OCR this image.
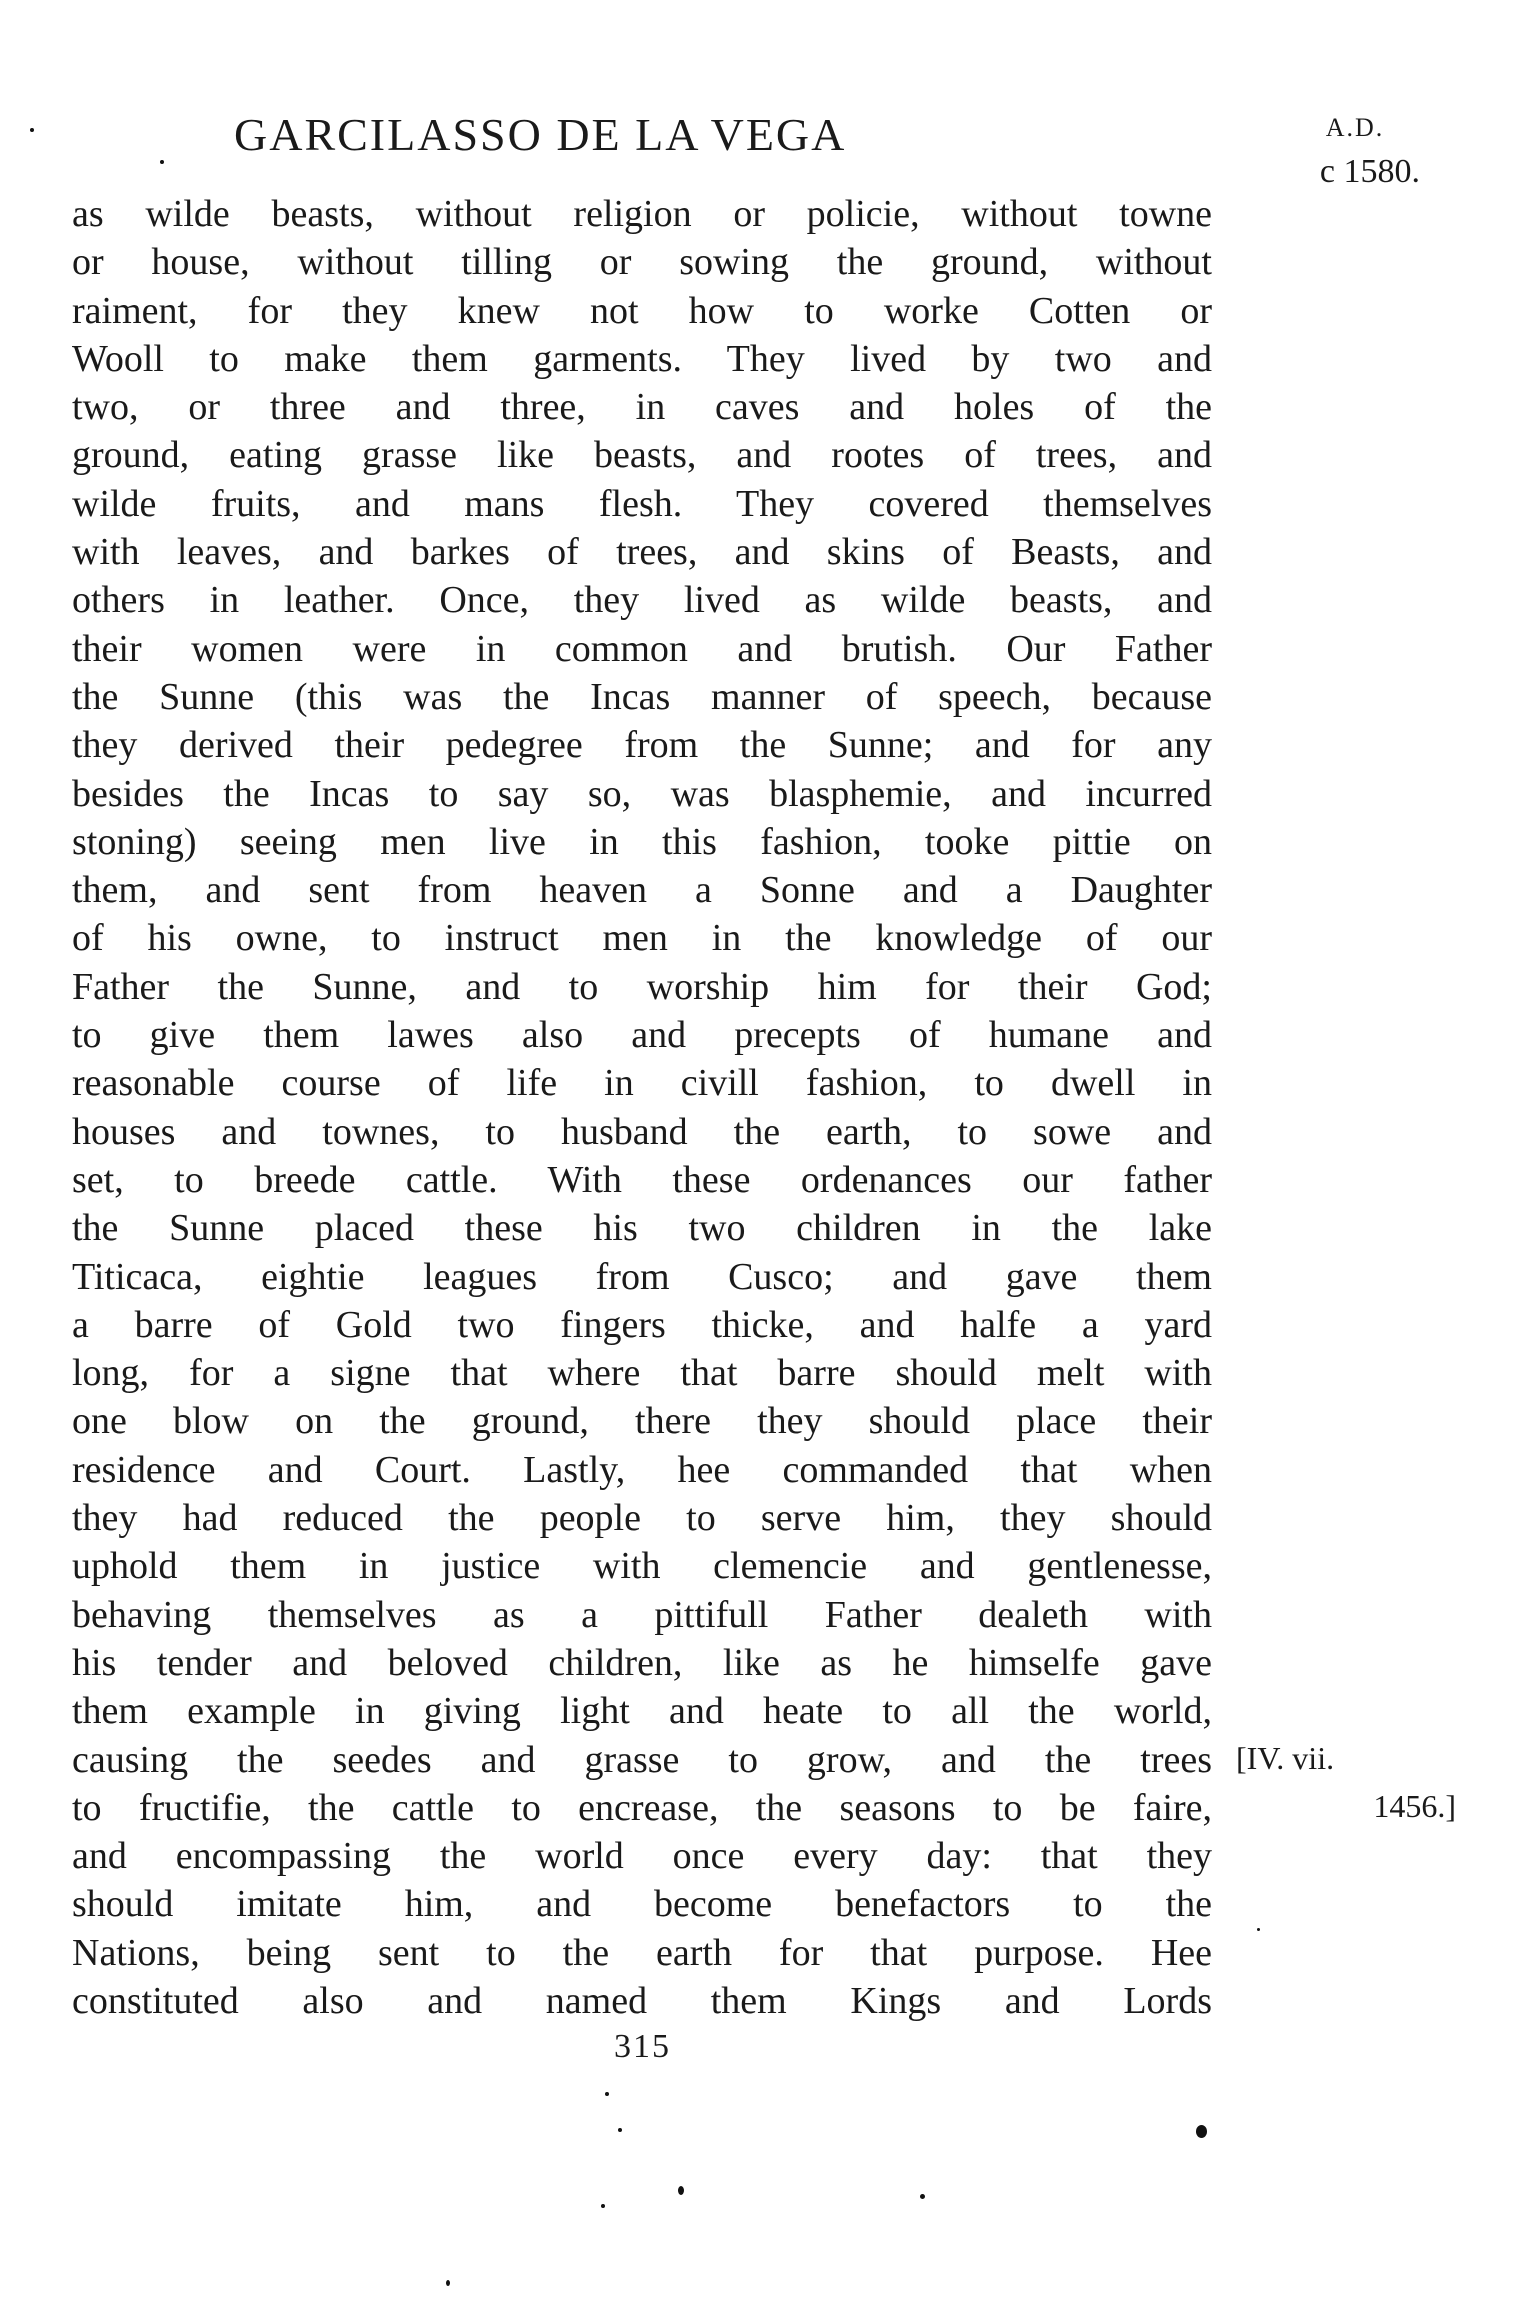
GARCILASSO DE LA VEGA	A.D.
c 1580.
as wilde beasts, without religion or policie, without towne
or house, without tilling or sowing the ground, without
raiment, for they knew not how to worke Cotten or
Wooll to make them garments. They lived by two and
two, or three and three, in caves and holes of the
ground, eating grasse like beasts, and rootes of trees, and
wilde fruits, and mans flesh. They covered themselves
with leaves, and barkes of trees, and skins of Beasts, and
others in leather. Once, they lived as wilde beasts, and
their women were in common and brutish. Our Father
the Sunne (this was the Incas manner of speech, because
they derived their pedegree from the Sunne; and for any
besides the Incas to say so, was blasphemie, and incurred
stoning) seeing men live in this fashion, tooke pittie on
them, and sent from heaven a Sonne and a Daughter
of his owne, to instruct men in the knowledge of our
Father the Sunne, and to worship him for their God;
to give them lawes also and precepts of humane and
reasonable course of life in civill fashion, to dwell in
houses and townes, to husband the earth, to sowe and
set, to breede cattle. With these ordenances our father
the Sunne placed these his two children in the lake
Titicaca, eightie leagues from Cusco; and gave them
a barre of Gold two fingers thicke, and halfe a yard
long, for a signe that where that barre should melt with
one blow on the ground, there they should place their
residence and Court. Lastly, hee commanded that when
they had reduced the people to serve him, they should
uphold them in justice with clemencie and gentlenesse,
behaving themselves as a pittifull Father dealeth with
his tender and beloved children, like as he himselfe gave
them example in giving light and heate to all the world,
causing the seedes and grasse to grow, and the trees
to fructifie, the cattle to encrease, the seasons to be faire,
and encompassing the world once every day: that they
should imitate him, and become benefactors to the
Nations, being sent to the earth for that purpose. Hee
constituted also and named them Kings and Lords
[IV. vii.
1456.]
315
